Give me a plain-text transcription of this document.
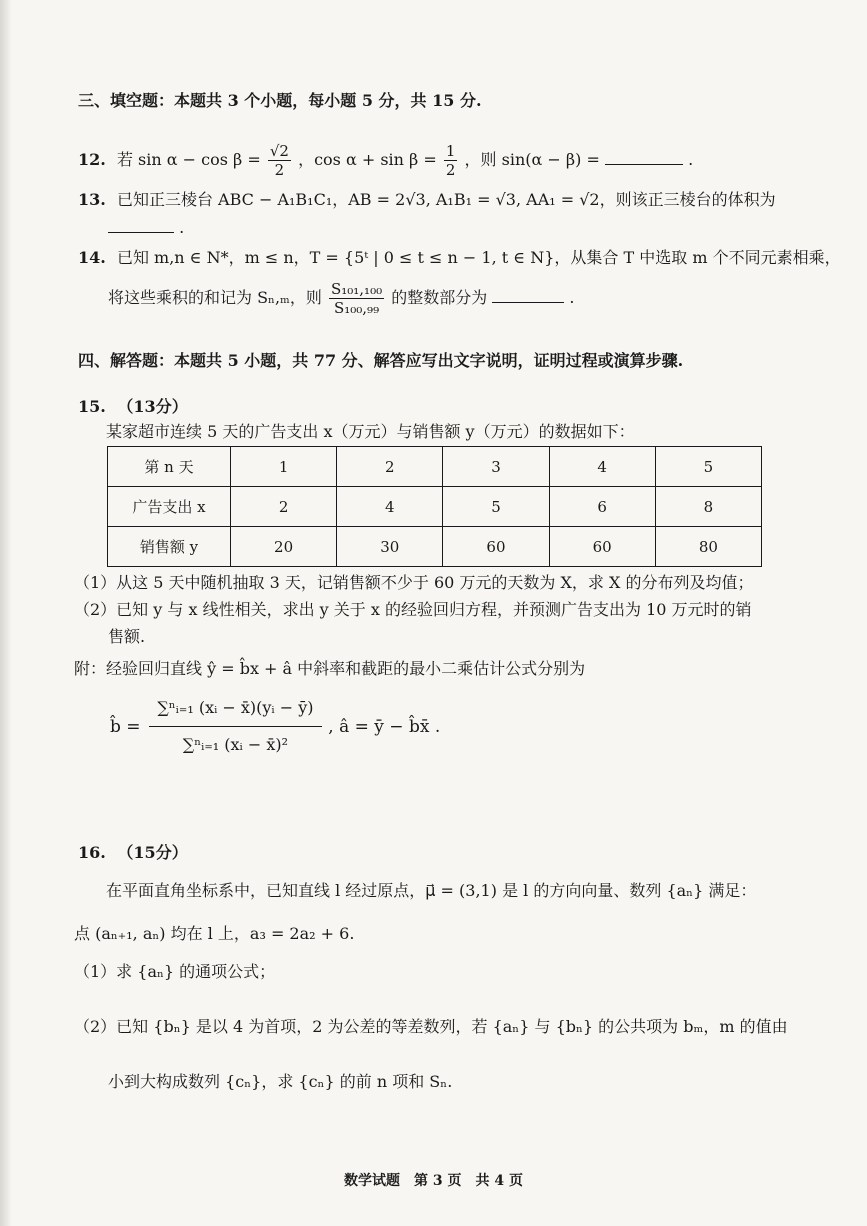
三、填空题：本题共 3 个小题，每小题 5 分，共 15 分.
12. 若 $\sin \alpha - \cos \beta = \frac{√2}{2}$ ，$\cos \alpha + \sin \beta = \frac{1}{2}$ ，则 sin(α − β) =	.
13. 已知正三棱台 ABC − A₁B₁C₁，AB = 2√3, A₁B₁ = √3, AA₁ = √2，则该正三棱台的体积为
.
14. 已知 m,n ∈ N*，m ≤ n，T = {5ᵗ | 0 ≤ t ≤ n − 1, t ∈ N}，从集合 T 中选取 m 个不同元素相乘，
将这些乘积的和记为 Sₙ,ₘ，则 $\frac{\text{S₁₀₁,₁₀₀}}{\text{S₁₀₀,₉₉}}$ 的整数部分为	.
四、解答题：本题共 5 小题，共 77 分、解答应写出文字说明，证明过程或演算步骤.
15. （13分）
某家超市连续 5 天的广告支出 x（万元）与销售额 y（万元）的数据如下：
第 n 天	1	2	3	4	5
广告支出 x	2	4	5	6	8
销售额 y	20	30	60	60	80
（1）从这 5 天中随机抽取 3 天，记销售额不少于 60 万元的天数为 X，求 X 的分布列及均值；
（2）已知 y 与 x 线性相关，求出 y 关于 x 的经验回归方程，并预测广告支出为 10 万元时的销
售额.
附：经验回归直线 ŷ = b̂x + â 中斜率和截距的最小二乘估计公式分别为
b̂ = $\frac{\text{∑ⁿᵢ₌₁ (xᵢ − x̄)(yᵢ − ȳ)}}{\text{∑ⁿᵢ₌₁ (xᵢ − x̄)²}}$ , â = ȳ − b̂x̄ .
16. （15分）
在平面直角坐标系中，已知直线 l 经过原点，μ⃗ = (3,1) 是 l 的方向向量、数列 {aₙ} 满足：
点 (aₙ₊₁, aₙ) 均在 l 上，a₃ = 2a₂ + 6.
（1）求 {aₙ} 的通项公式；
（2）已知 {bₙ} 是以 4 为首项，2 为公差的等差数列，若 {aₙ} 与 {bₙ} 的公共项为 bₘ，m 的值由
小到大构成数列 {cₙ}，求 {cₙ} 的前 n 项和 Sₙ.
数学试题　第 3 页　共 4 页
